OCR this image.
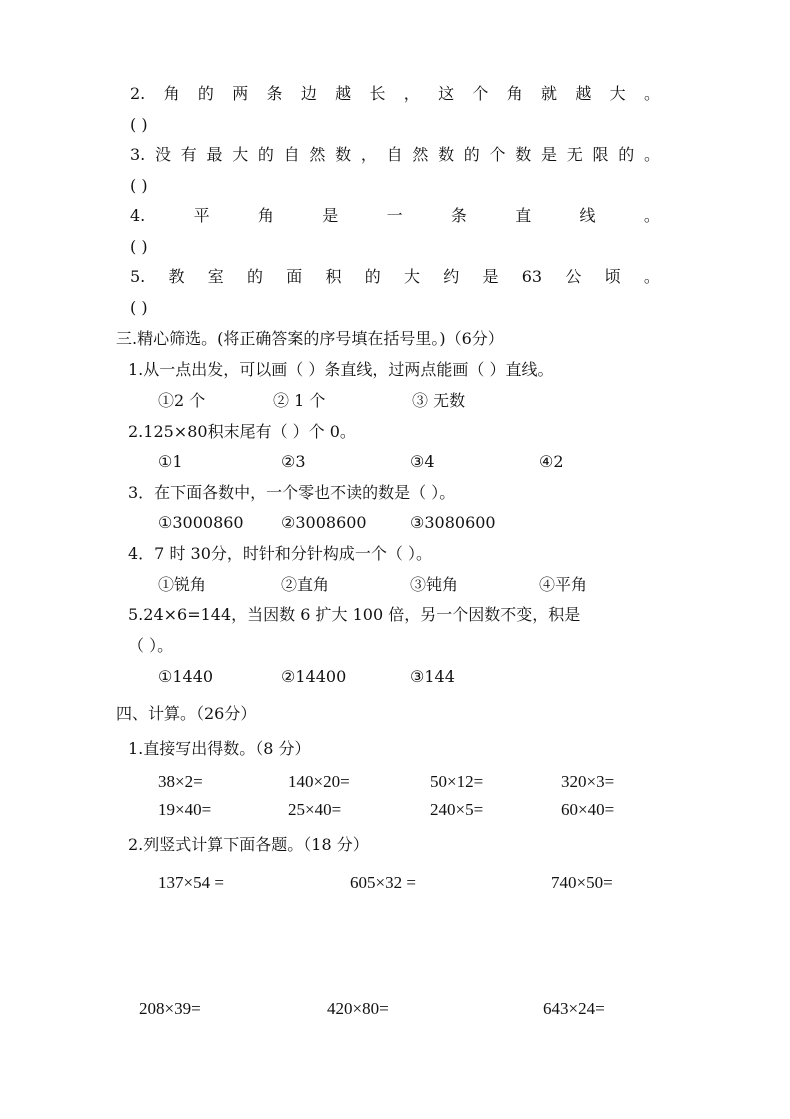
2. 角 的 两 条 边 越 长 ， 这 个 角 就 越 大 。
( )
3. 没 有 最 大 的 自 然 数 ， 自 然 数 的 个 数 是 无 限 的 。
( )
4.	平	角	是	一	条	直	线	。
( )
5. 教 室 的 面 积 的 大 约 是 63 公 顷 。
( )
三.精心筛选。(将正确答案的序号填在括号里。)（6分）
1.从一点出发，可以画（ ）条直线，过两点能画（ ）直线。
①2 个	② 1 个	③ 无数
2.125×80积末尾有（ ）个 0。
①1	②3	③4	④2
3．在下面各数中，一个零也不读的数是（ ）。
①3000860 ②3008600	③3080600
4．7 时 30分，时针和分针构成一个（ ）。
①锐角	②直角	③钝角	④平角
5.24×6=144，当因数 6 扩大 100 倍，另一个因数不变，积是
（ ）。
①1440	②14400	③144
四、计算。（26分）
1.直接写出得数。（8 分）
38×2=	140×20=	50×12=	320×3=
19×40=	25×40=	240×5=	60×40=
2.列竖式计算下面各题。（18 分）
137×54 =	605×32 =	740×50=
208×39=	420×80=	643×24=
